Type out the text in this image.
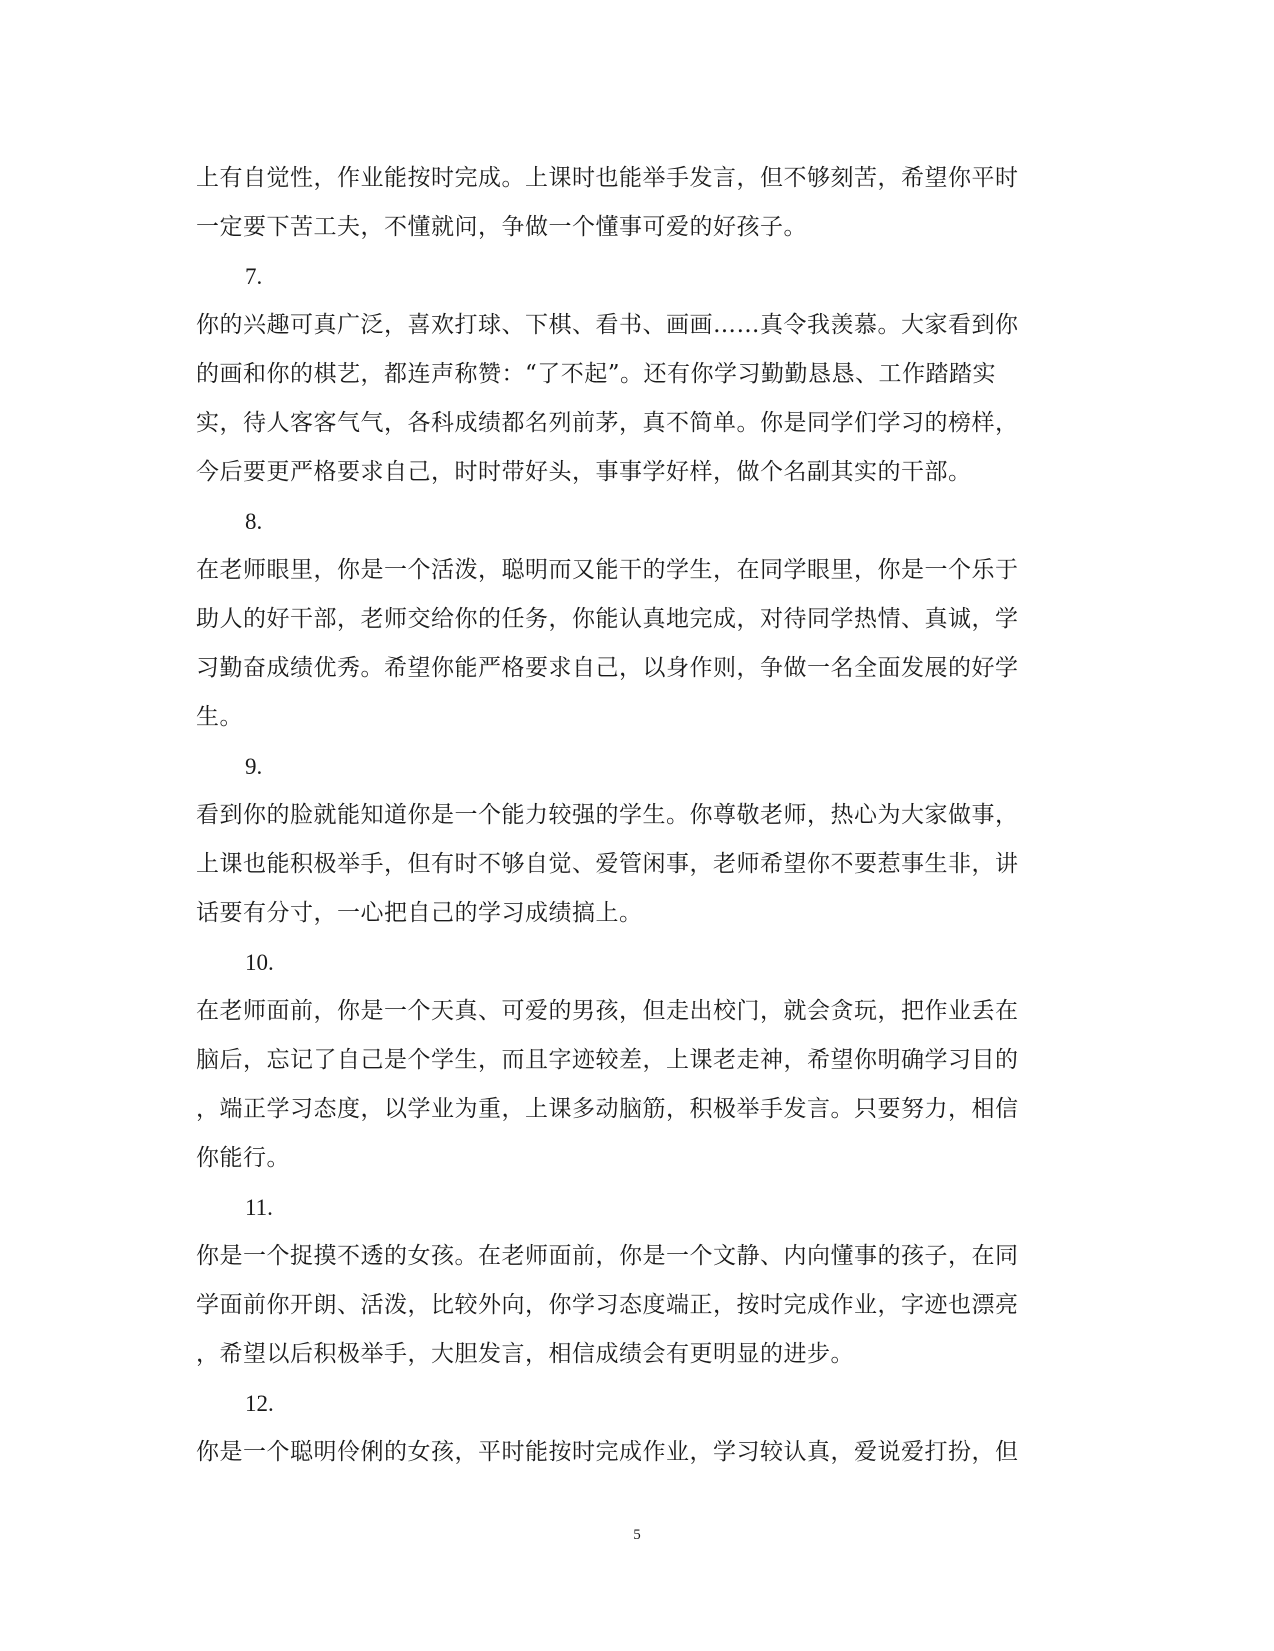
上有自觉性，作业能按时完成。上课时也能举手发言，但不够刻苦，希望你平时
一定要下苦工夫，不懂就问，争做一个懂事可爱的好孩子。
7.
你的兴趣可真广泛，喜欢打球、下棋、看书、画画……真令我羡慕。大家看到你
的画和你的棋艺，都连声称赞：“了不起”。还有你学习勤勤恳恳、工作踏踏实
实，待人客客气气，各科成绩都名列前茅，真不简单。你是同学们学习的榜样，
今后要更严格要求自己，时时带好头，事事学好样，做个名副其实的干部。
8.
在老师眼里，你是一个活泼，聪明而又能干的学生，在同学眼里，你是一个乐于
助人的好干部，老师交给你的任务，你能认真地完成，对待同学热情、真诚，学
习勤奋成绩优秀。希望你能严格要求自己，以身作则，争做一名全面发展的好学
生。
9.
看到你的脸就能知道你是一个能力较强的学生。你尊敬老师，热心为大家做事，
上课也能积极举手，但有时不够自觉、爱管闲事，老师希望你不要惹事生非，讲
话要有分寸，一心把自己的学习成绩搞上。
10.
在老师面前，你是一个天真、可爱的男孩，但走出校门，就会贪玩，把作业丢在
脑后，忘记了自己是个学生，而且字迹较差，上课老走神，希望你明确学习目的
，端正学习态度，以学业为重，上课多动脑筋，积极举手发言。只要努力，相信
你能行。
11.
你是一个捉摸不透的女孩。在老师面前，你是一个文静、内向懂事的孩子，在同
学面前你开朗、活泼，比较外向，你学习态度端正，按时完成作业，字迹也漂亮
，希望以后积极举手，大胆发言，相信成绩会有更明显的进步。
12.
你是一个聪明伶俐的女孩，平时能按时完成作业，学习较认真，爱说爱打扮，但
5
